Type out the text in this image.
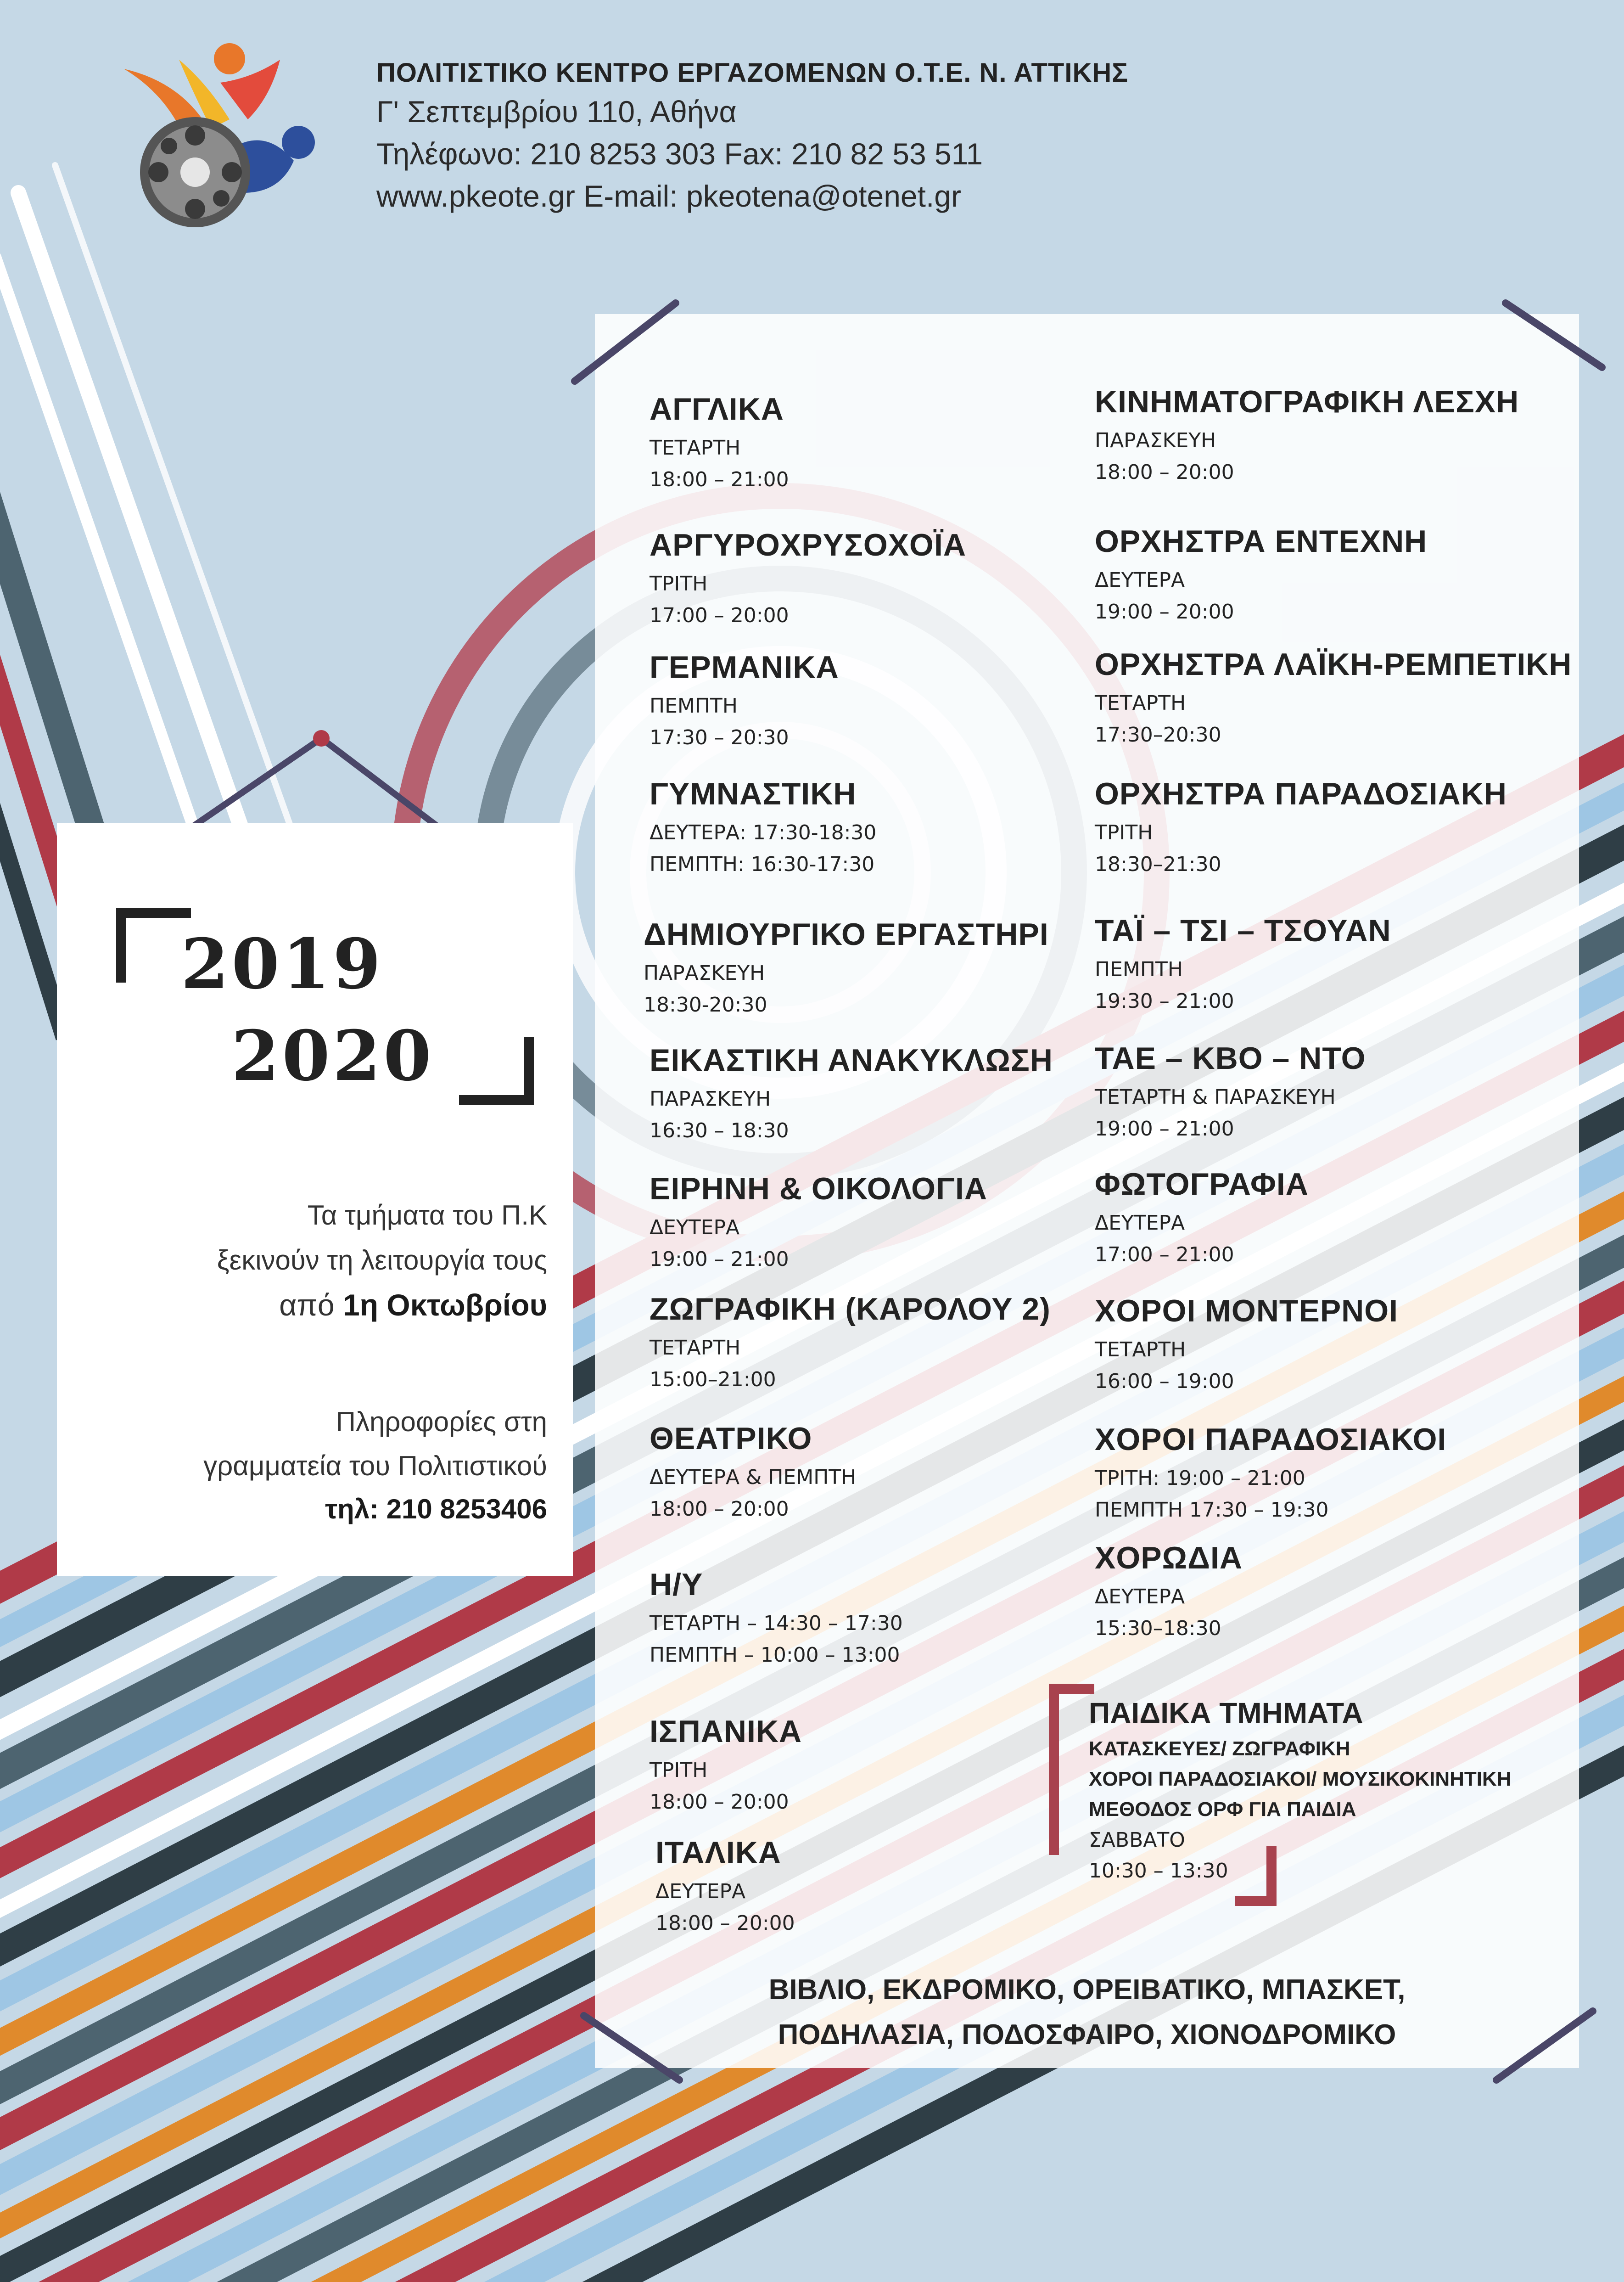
ΠΟΛΙΤΙΣΤΙΚΟ ΚΕΝΤΡΟ ΕΡΓΑΖΟΜΕΝΩΝ Ο.Τ.Ε. Ν. ΑΤΤΙΚΗΣ
Γ' Σεπτεμβρίου 110, Αθήνα
Τηλέφωνο: 210 8253 303 Fax: 210 82 53 511
www.pkeote.gr E-mail: pkeotena@otenet.gr
ΑΓΓΛΙΚΑ
ΤΕΤΑΡΤΗ
18:00 – 21:00
ΑΡΓΥΡΟΧΡΥΣΟΧΟΪΑ
ΤΡΙΤΗ
17:00 – 20:00
ΓΕΡΜΑΝΙΚΑ
ΠΕΜΠΤΗ
17:30 – 20:30
ΓΥΜΝΑΣΤΙΚΗ
ΔΕΥΤΕΡΑ: 17:30-18:30
ΠΕΜΠΤΗ: 16:30-17:30
ΔΗΜΙΟΥΡΓΙΚΟ ΕΡΓΑΣΤΗΡΙ
ΠΑΡΑΣΚΕΥΗ
18:30-20:30
ΕΙΚΑΣΤΙΚΗ ΑΝΑΚΥΚΛΩΣΗ
ΠΑΡΑΣΚΕΥΗ
16:30 – 18:30
ΕΙΡΗΝΗ & ΟΙΚΟΛΟΓΙΑ
ΔΕΥΤΕΡΑ
19:00 – 21:00
ΖΩΓΡΑΦΙΚΗ (ΚΑΡΟΛΟΥ 2)
ΤΕΤΑΡΤΗ
15:00–21:00
ΘΕΑΤΡΙΚΟ
ΔΕΥΤΕΡΑ & ΠΕΜΠΤΗ
18:00 – 20:00
Η/Υ
ΤΕΤΑΡΤΗ – 14:30 – 17:30
ΠΕΜΠΤΗ – 10:00 – 13:00
ΙΣΠΑΝΙΚΑ
ΤΡΙΤΗ
18:00 – 20:00
ΙΤΑΛΙΚΑ
ΔΕΥΤΕΡΑ
18:00 – 20:00
ΚΙΝΗΜΑΤΟΓΡΑΦΙΚΗ ΛΕΣΧΗ
ΠΑΡΑΣΚΕΥΗ
18:00 – 20:00
ΟΡΧΗΣΤΡΑ ΕΝΤΕΧΝΗ
ΔΕΥΤΕΡΑ
19:00 – 20:00
ΟΡΧΗΣΤΡΑ ΛΑΪΚΗ-ΡΕΜΠΕΤΙΚΗ
ΤΕΤΑΡΤΗ
17:30–20:30
ΟΡΧΗΣΤΡΑ ΠΑΡΑΔΟΣΙΑΚΗ
ΤΡΙΤΗ
18:30–21:30
ΤΑΪ – ΤΣΙ – ΤΣΟΥΑΝ
ΠΕΜΠΤΗ
19:30 – 21:00
ΤΑΕ – ΚΒΟ – ΝΤΟ
ΤΕΤΑΡΤΗ & ΠΑΡΑΣΚΕΥΗ
19:00 – 21:00
ΦΩΤΟΓΡΑΦΙΑ
ΔΕΥΤΕΡΑ
17:00 – 21:00
ΧΟΡΟΙ ΜΟΝΤΕΡΝΟΙ
ΤΕΤΑΡΤΗ
16:00 – 19:00
ΧΟΡΟΙ ΠΑΡΑΔΟΣΙΑΚΟΙ
ΤΡΙΤΗ: 19:00 – 21:00
ΠΕΜΠΤΗ 17:30 – 19:30
ΧΟΡΩΔΙΑ
ΔΕΥΤΕΡΑ
15:30–18:30
ΠΑΙΔΙΚΑ ΤΜΗΜΑΤΑ
ΚΑΤΑΣΚΕΥΕΣ/ ΖΩΓΡΑΦΙΚΗ
ΧΟΡΟΙ ΠΑΡΑΔΟΣΙΑΚΟΙ/ ΜΟΥΣΙΚΟΚΙΝΗΤΙΚΗ
ΜΕΘΟΔΟΣ ΟΡΦ ΓΙΑ ΠΑΙΔΙΑ
ΣΑΒΒΑΤΟ
10:30 – 13:30
ΒΙΒΛΙΟ, ΕΚΔΡΟΜΙΚΟ, ΟΡΕΙΒΑΤΙΚΟ, ΜΠΑΣΚΕΤ,
ΠΟΔΗΛΑΣΙΑ, ΠΟΔΟΣΦΑΙΡΟ, ΧΙΟΝΟΔΡΟΜΙΚΟ
2019
2020
Τα τμήματα του Π.Κ
ξεκινούν τη λειτουργία τους
από 1η Οκτωβρίου
Πληροφορίες στη
γραμματεία του Πολιτιστικού
τηλ: 210 8253406
